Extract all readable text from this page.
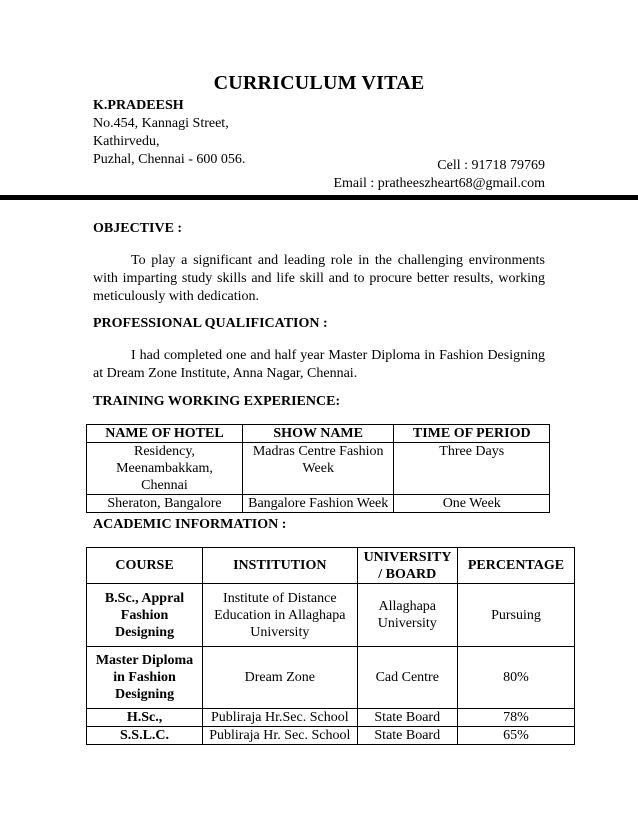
CURRICULUM VITAE
K.PRADEESH
No.454, Kannagi Street,
Kathirvedu,
Puzhal, Chennai - 600 056.	Cell : 91718 79769
Email : pratheeszheart68@gmail.com
OBJECTIVE :
To play a significant and leading role in the challenging environments with imparting study skills and life skill and to procure better results, working meticulously with dedication.
PROFESSIONAL QUALIFICATION :
I had completed one and half year Master Diploma in Fashion Designing at Dream Zone Institute, Anna Nagar, Chennai.
TRAINING WORKING EXPERIENCE:
NAME OF HOTEL	SHOW NAME	TIME OF PERIOD

Residency, Meenambakkam, Chennai	Madras Centre Fashion Week	Three Days
Sheraton, Bangalore	Bangalore Fashion Week	One Week
ACADEMIC INFORMATION :
COURSE	INSTITUTION	UNIVERSITY / BOARD	PERCENTAGE

B.Sc., Appral Fashion Designing	Institute of Distance Education in Allaghapa University	Allaghapa University	Pursuing

Master Diploma in Fashion Designing	Dream Zone	Cad Centre	80%
H.Sc.,	Publiraja Hr.Sec. School	State Board	78%
S.S.L.C.	Publiraja Hr. Sec. School	State Board	65%
